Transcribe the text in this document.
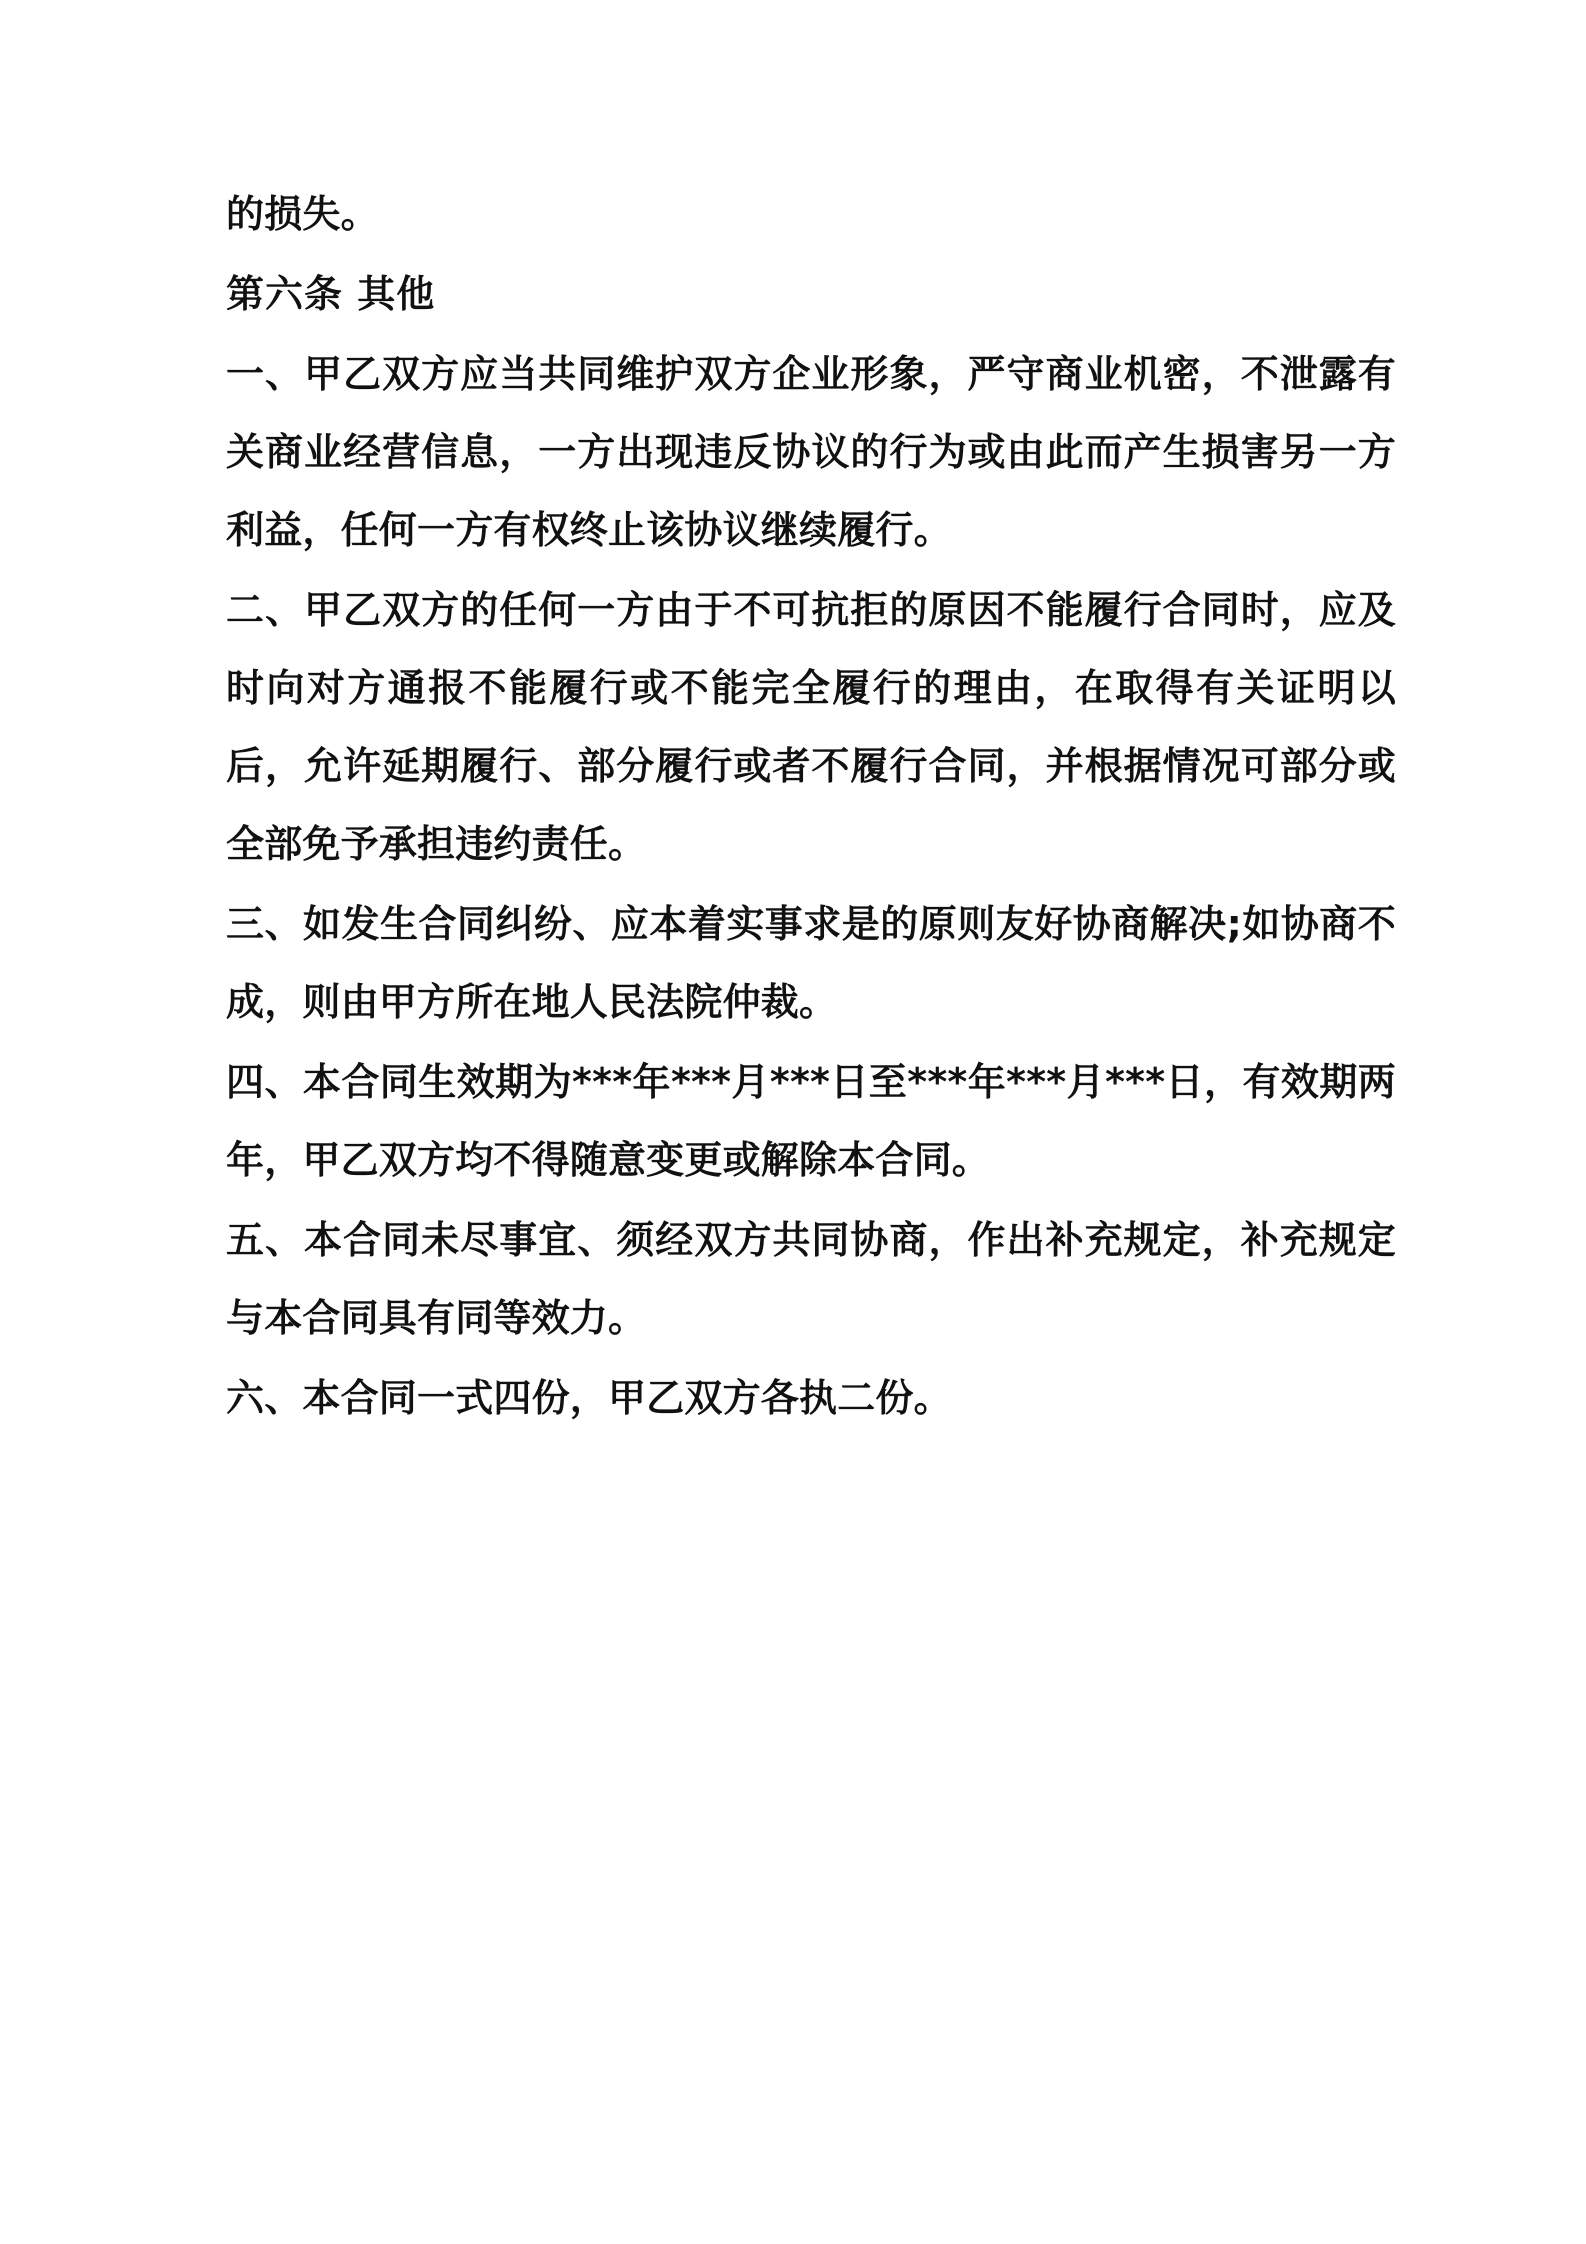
的损失。

第六条 其他

一、甲乙双方应当共同维护双方企业形象，严守商业机密，不泄露有关商业经营信息，一方出现违反协议的行为或由此而产生损害另一方利益，任何一方有权终止该协议继续履行。

二、甲乙双方的任何一方由于不可抗拒的原因不能履行合同时，应及时向对方通报不能履行或不能完全履行的理由，在取得有关证明以后，允许延期履行、部分履行或者不履行合同，并根据情况可部分或全部免予承担违约责任。

三、如发生合同纠纷、应本着实事求是的原则友好协商解决;如协商不成，则由甲方所在地人民法院仲裁。

四、本合同生效期为***年***月***日至***年***月***日，有效期两年，甲乙双方均不得随意变更或解除本合同。

五、本合同未尽事宜、须经双方共同协商，作出补充规定，补充规定与本合同具有同等效力。

六、本合同一式四份，甲乙双方各执二份。
